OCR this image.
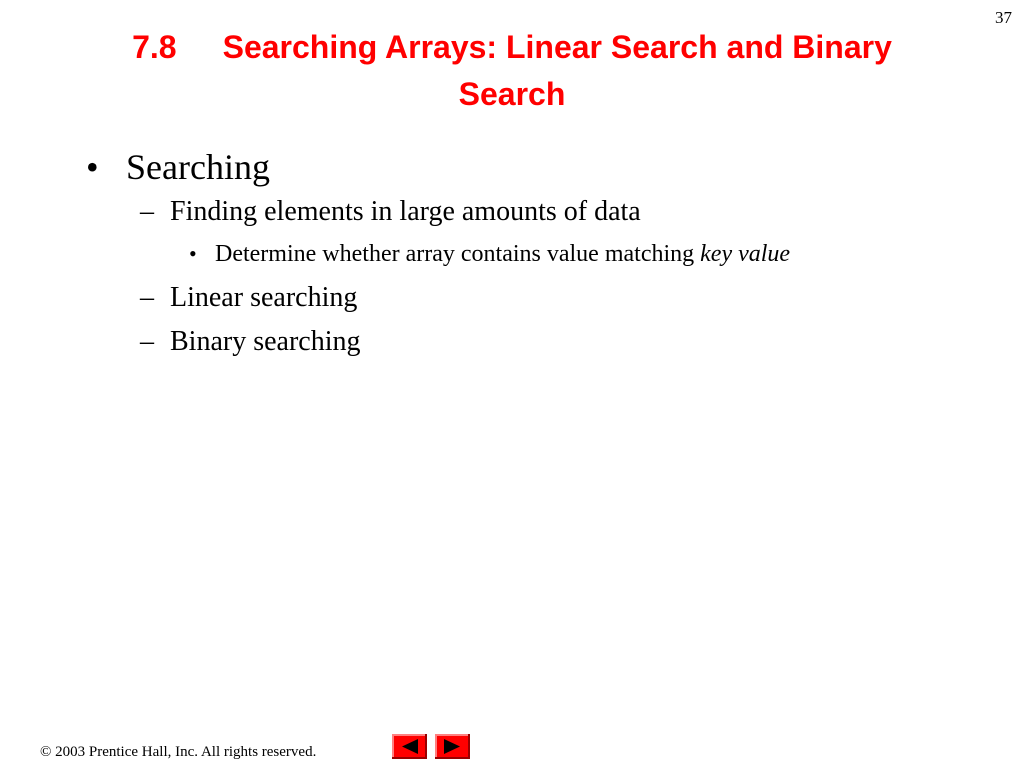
37
7.8 Searching Arrays: Linear Search and Binary
Search
• Searching
– Finding elements in large amounts of data
• Determine whether array contains value matching key value
– Linear searching
– Binary searching
© 2003 Prentice Hall, Inc. All rights reserved.
